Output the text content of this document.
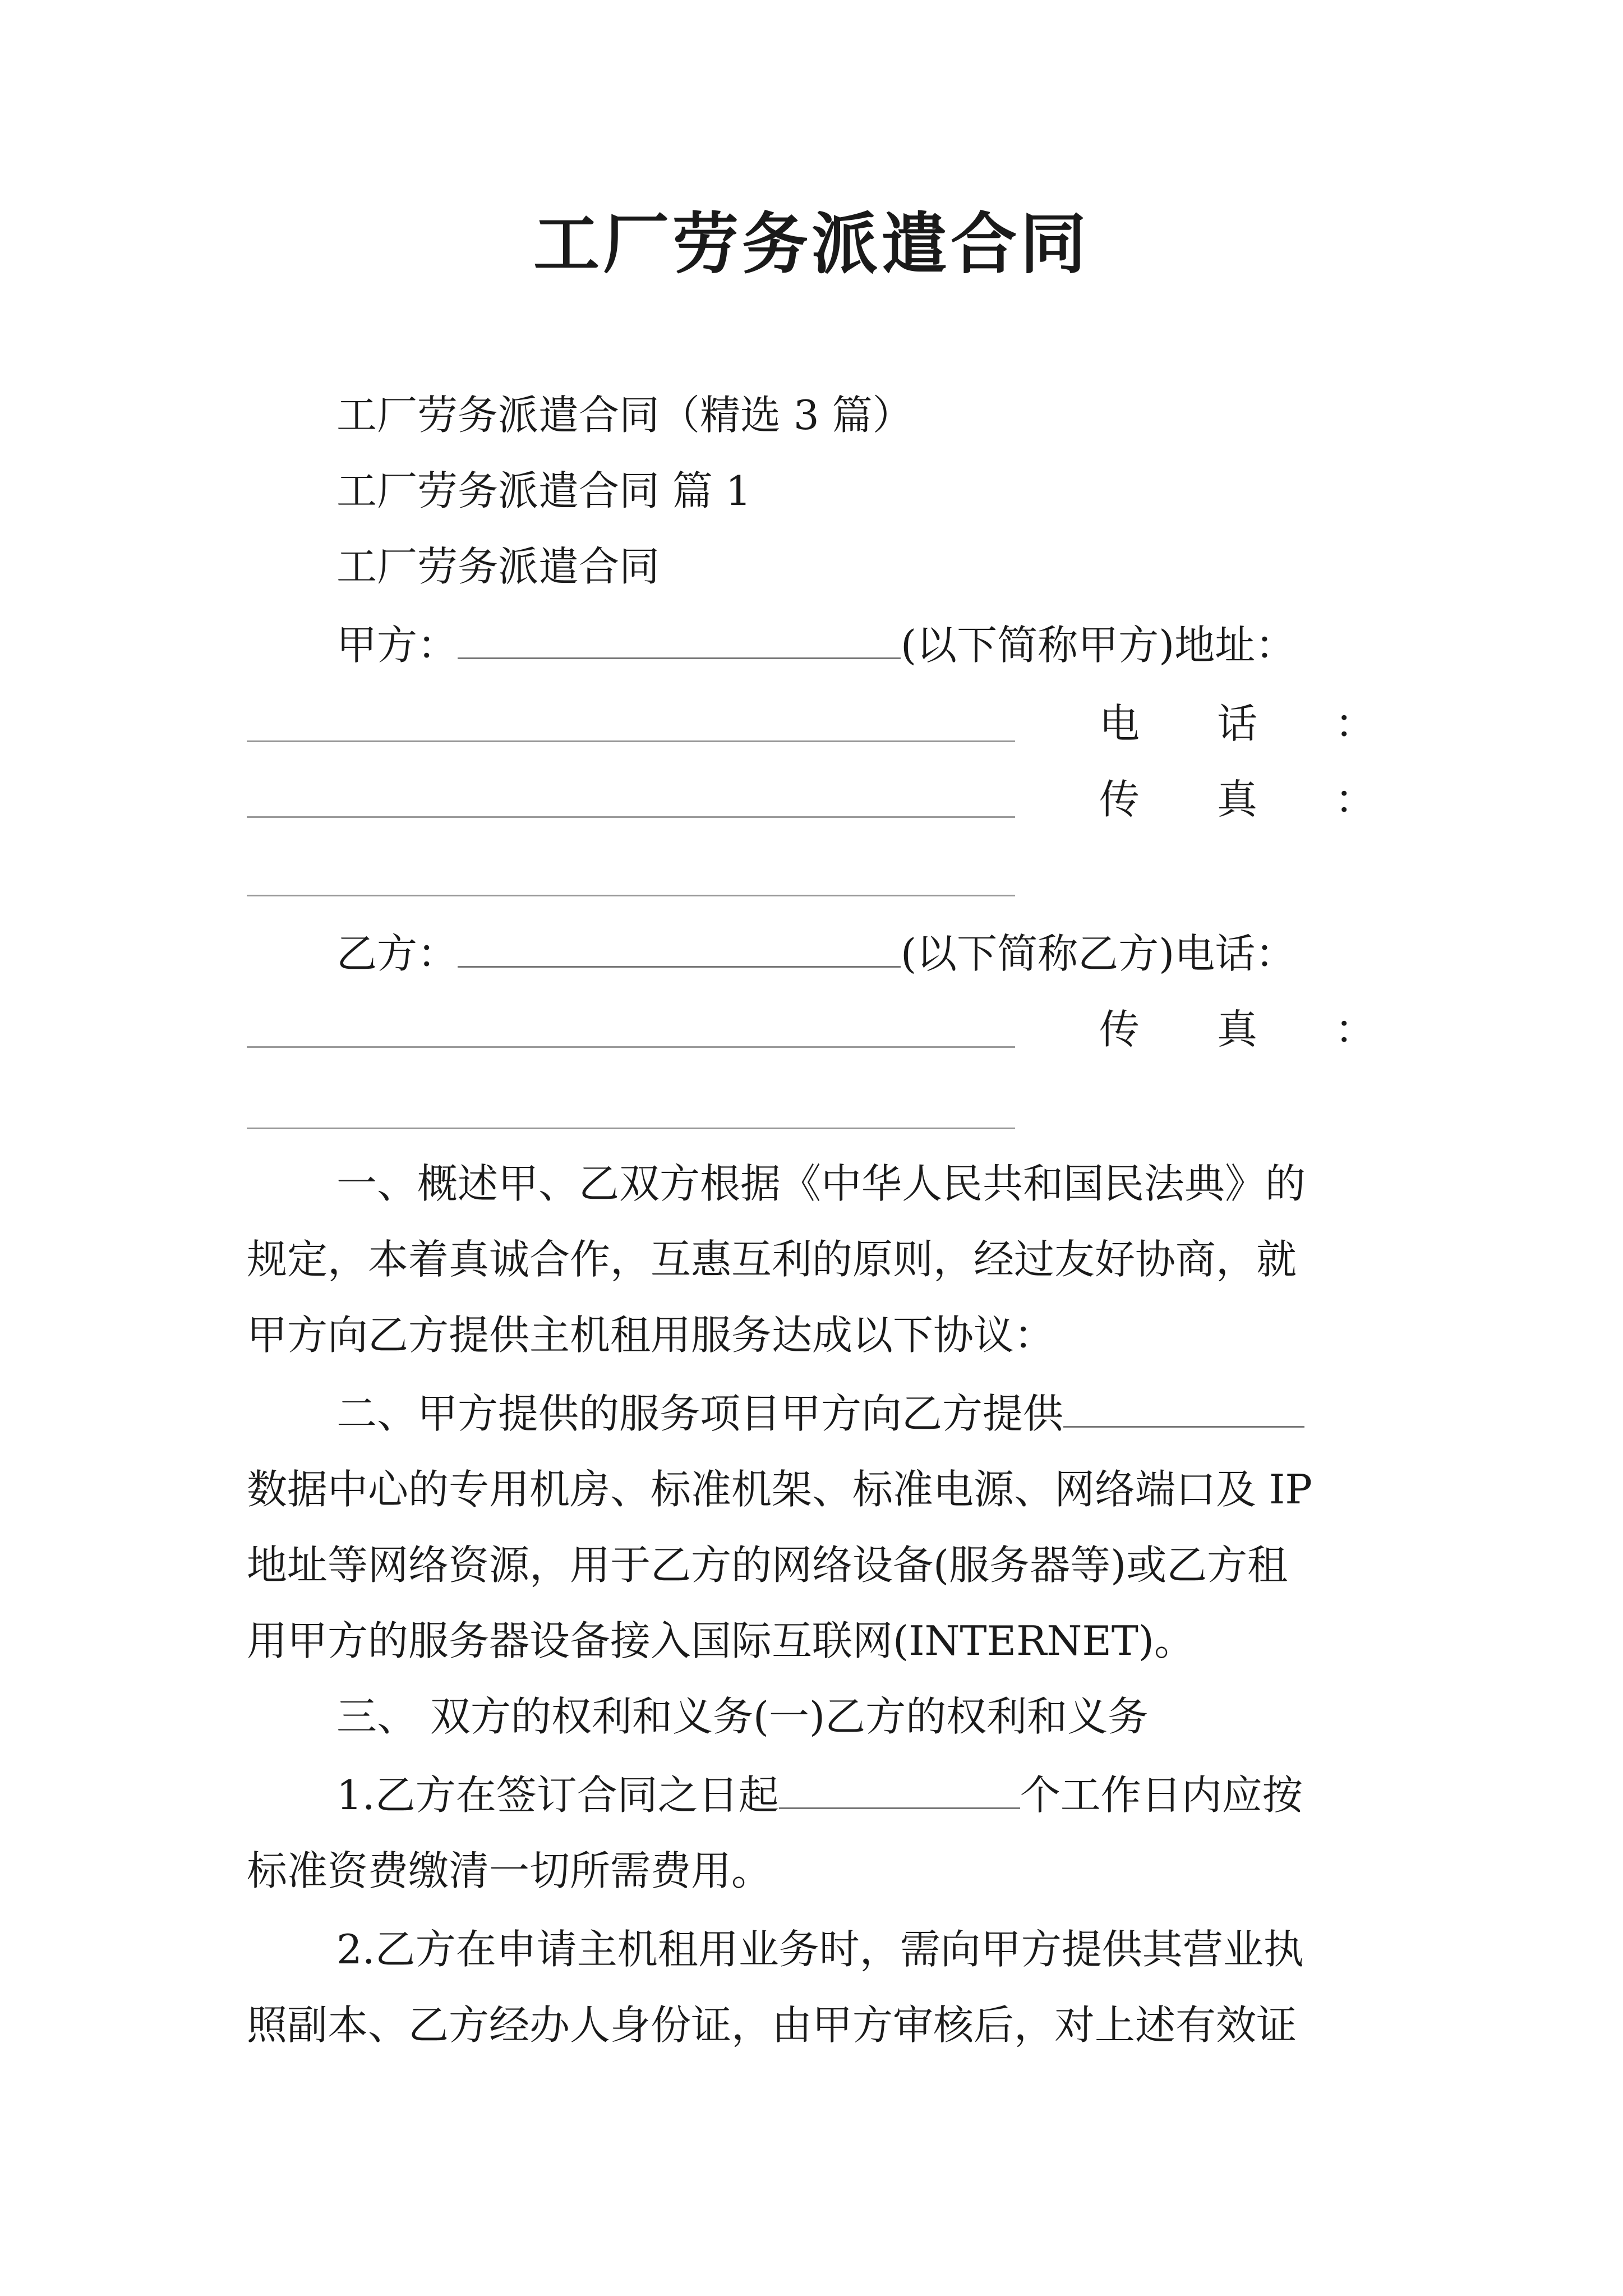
工厂劳务派遣合同
工厂劳务派遣合同（精选 3 篇）
工厂劳务派遣合同 篇 1
工厂劳务派遣合同
甲方：	(以下简称甲方)地址：
电 话 ：
传 真 ：
乙方：	(以下简称乙方)电话：
传 真 ：
一、概述甲、乙双方根据《中华人民共和国民法典》的
规定，本着真诚合作，互惠互利的原则，经过友好协商，就
甲方向乙方提供主机租用服务达成以下协议：
二、甲方提供的服务项目甲方向乙方提供
数据中心的专用机房、标准机架、标准电源、网络端口及 IP
地址等网络资源，用于乙方的网络设备(服务器等)或乙方租
用甲方的服务器设备接入国际互联网(INTERNET)。
三、 双方的权利和义务(一)乙方的权利和义务
1.乙方在签订合同之日起	个工作日内应按
标准资费缴清一切所需费用。
2.乙方在申请主机租用业务时，需向甲方提供其营业执
照副本、乙方经办人身份证，由甲方审核后，对上述有效证
